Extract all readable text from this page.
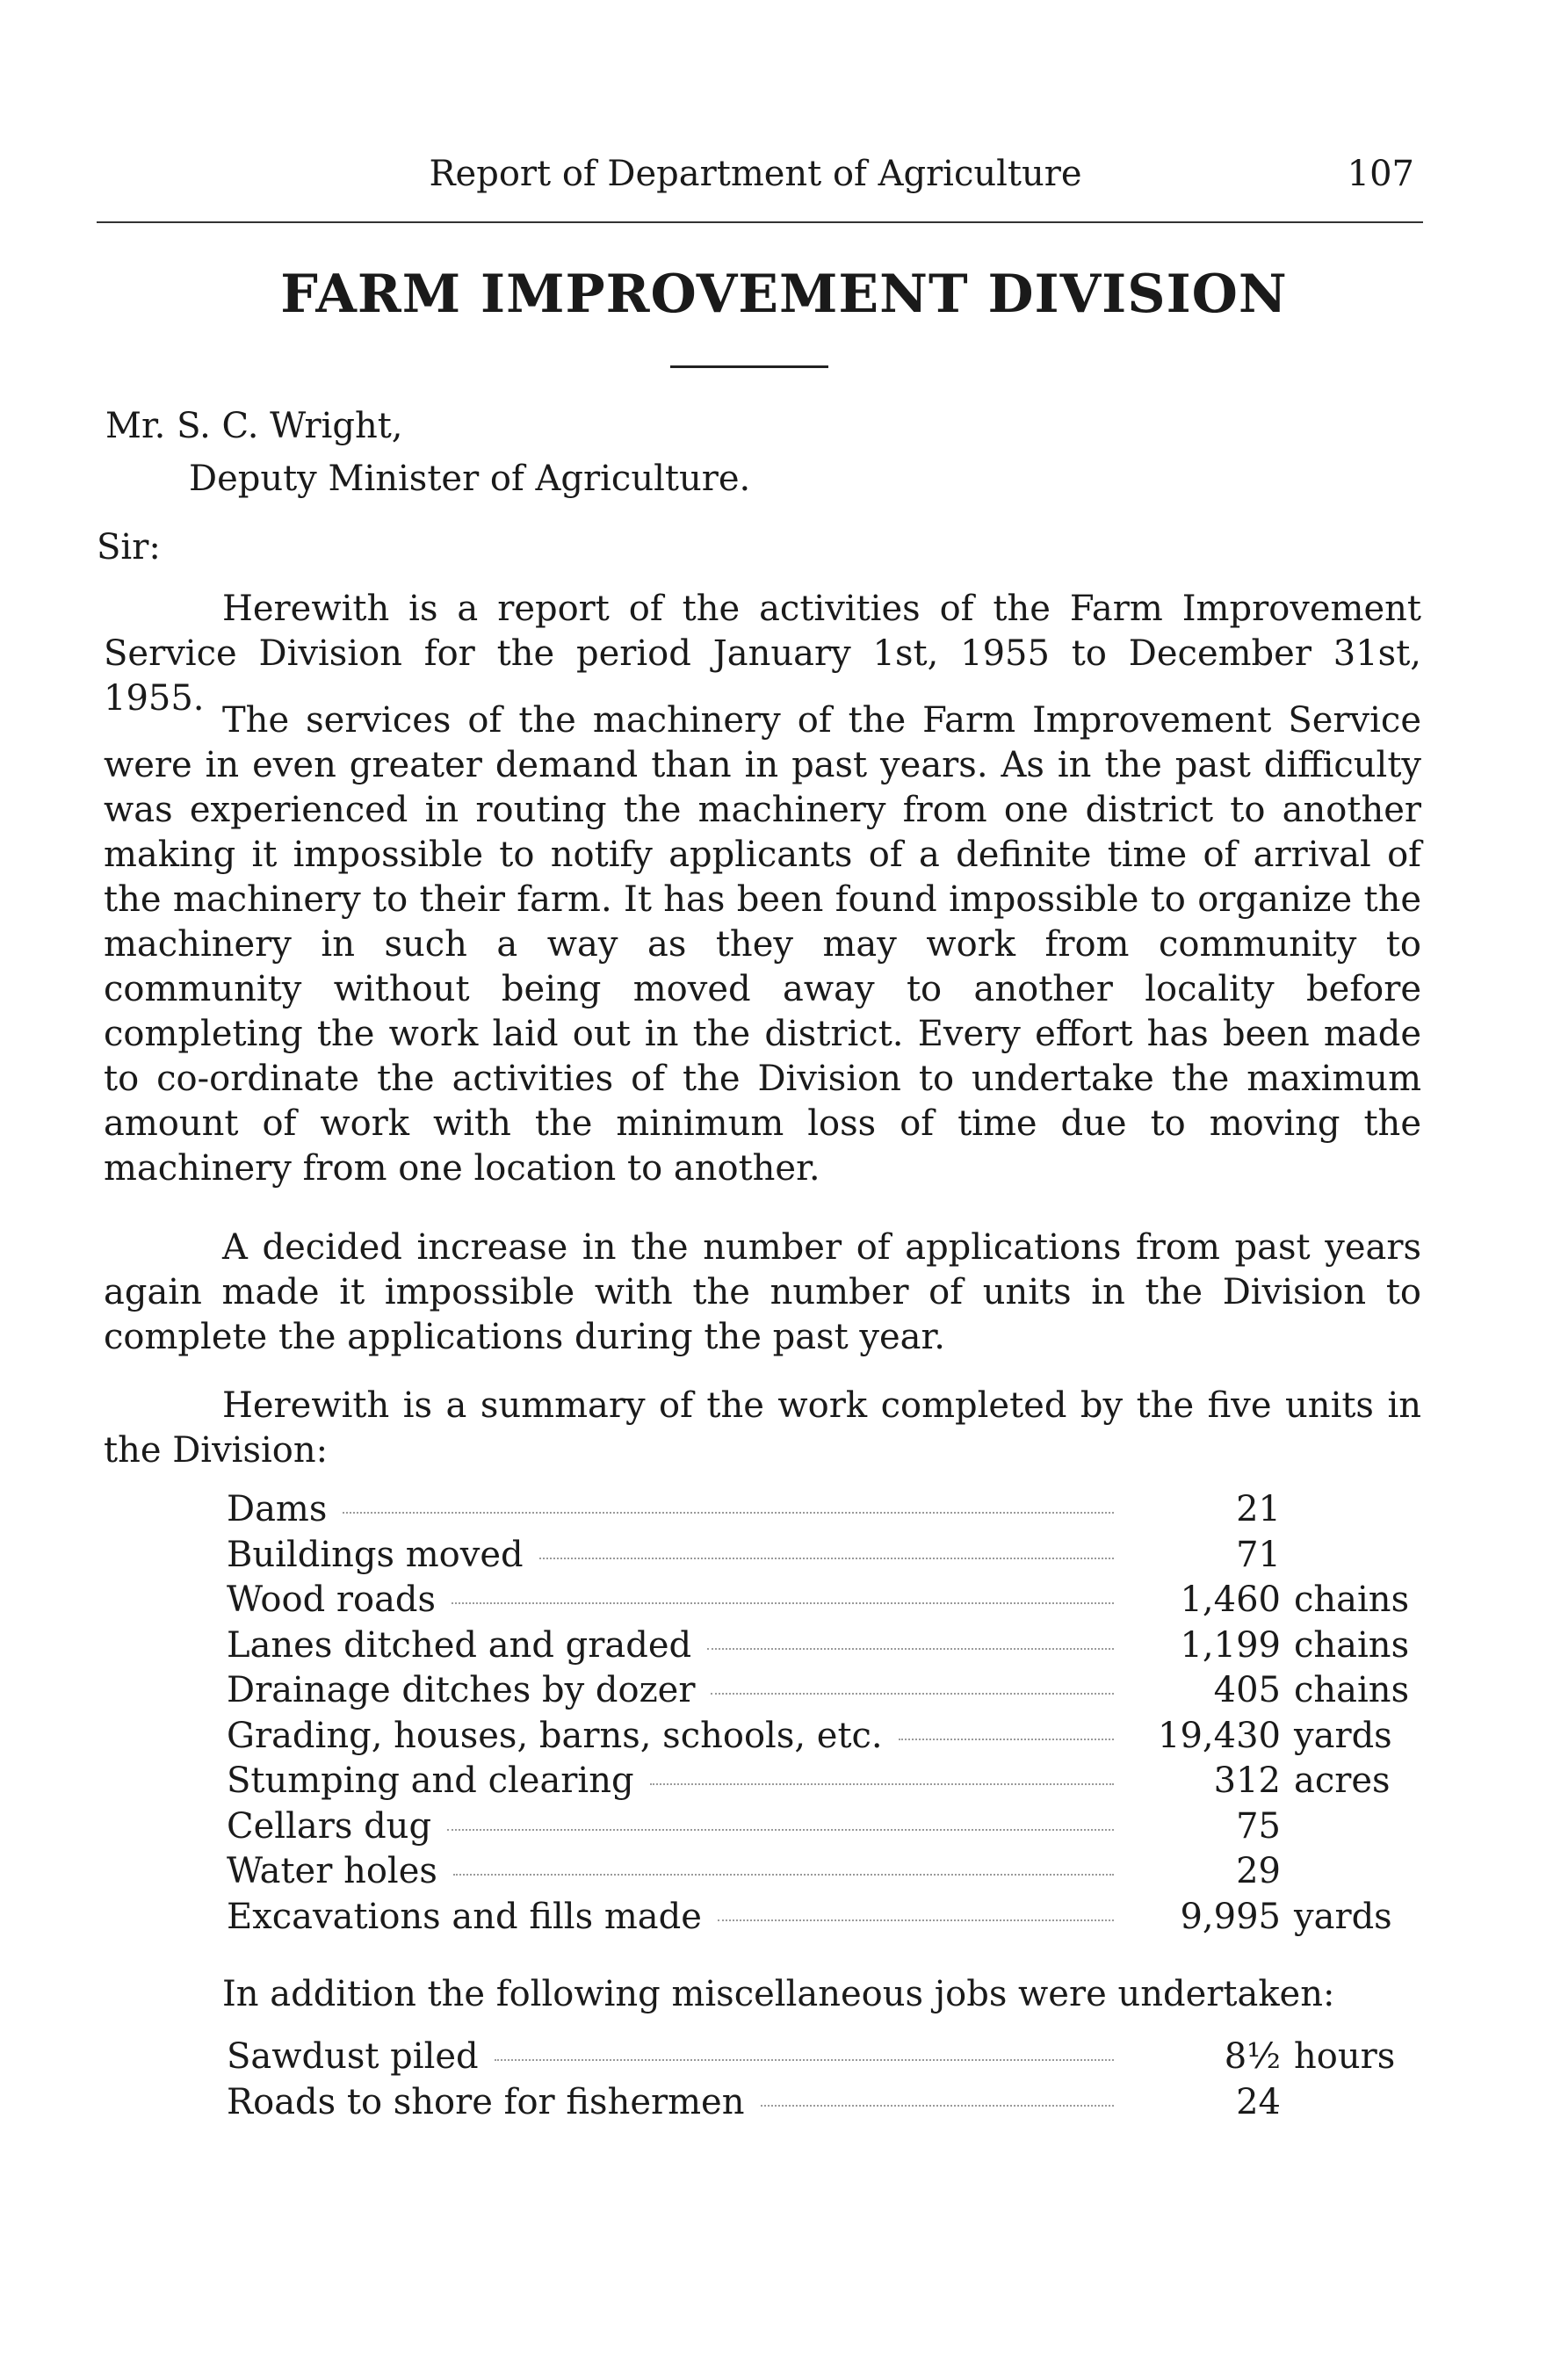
Report of Department of Agriculture	107
FARM IMPROVEMENT DIVISION
Mr. S. C. Wright,
Deputy Minister of Agriculture.
Sir:

Herewith is a report of the activities of the Farm Improvement Service Division for the period January 1st, 1955 to December 31st, 1955.

The services of the machinery of the Farm Improvement Service were in even greater demand than in past years. As in the past difficulty was experienced in routing the machinery from one district to another making it impossible to notify applicants of a definite time of arrival of the machinery to their farm. It has been found impossible to organize the machinery in such a way as they may work from community to community without being moved away to another locality before completing the work laid out in the district. Every effort has been made to co-ordinate the activities of the Division to undertake the maximum amount of work with the minimum loss of time due to moving the machinery from one location to another.

A decided increase in the number of applications from past years again made it impossible with the number of units in the Division to complete the applications during the past year.

Herewith is a summary of the work completed by the five units in the Division:

Dams	21
Buildings moved	71
Wood roads	1,460 chains
Lanes ditched and graded	1,199 chains
Drainage ditches by dozer	405 chains
Grading, houses, barns, schools, etc.	19,430 yards
Stumping and clearing	312 acres
Cellars dug	75
Water holes	29
Excavations and fills made	9,995 yards

In addition the following miscellaneous jobs were undertaken:

Sawdust piled	8½ hours
Roads to shore for fishermen	24
